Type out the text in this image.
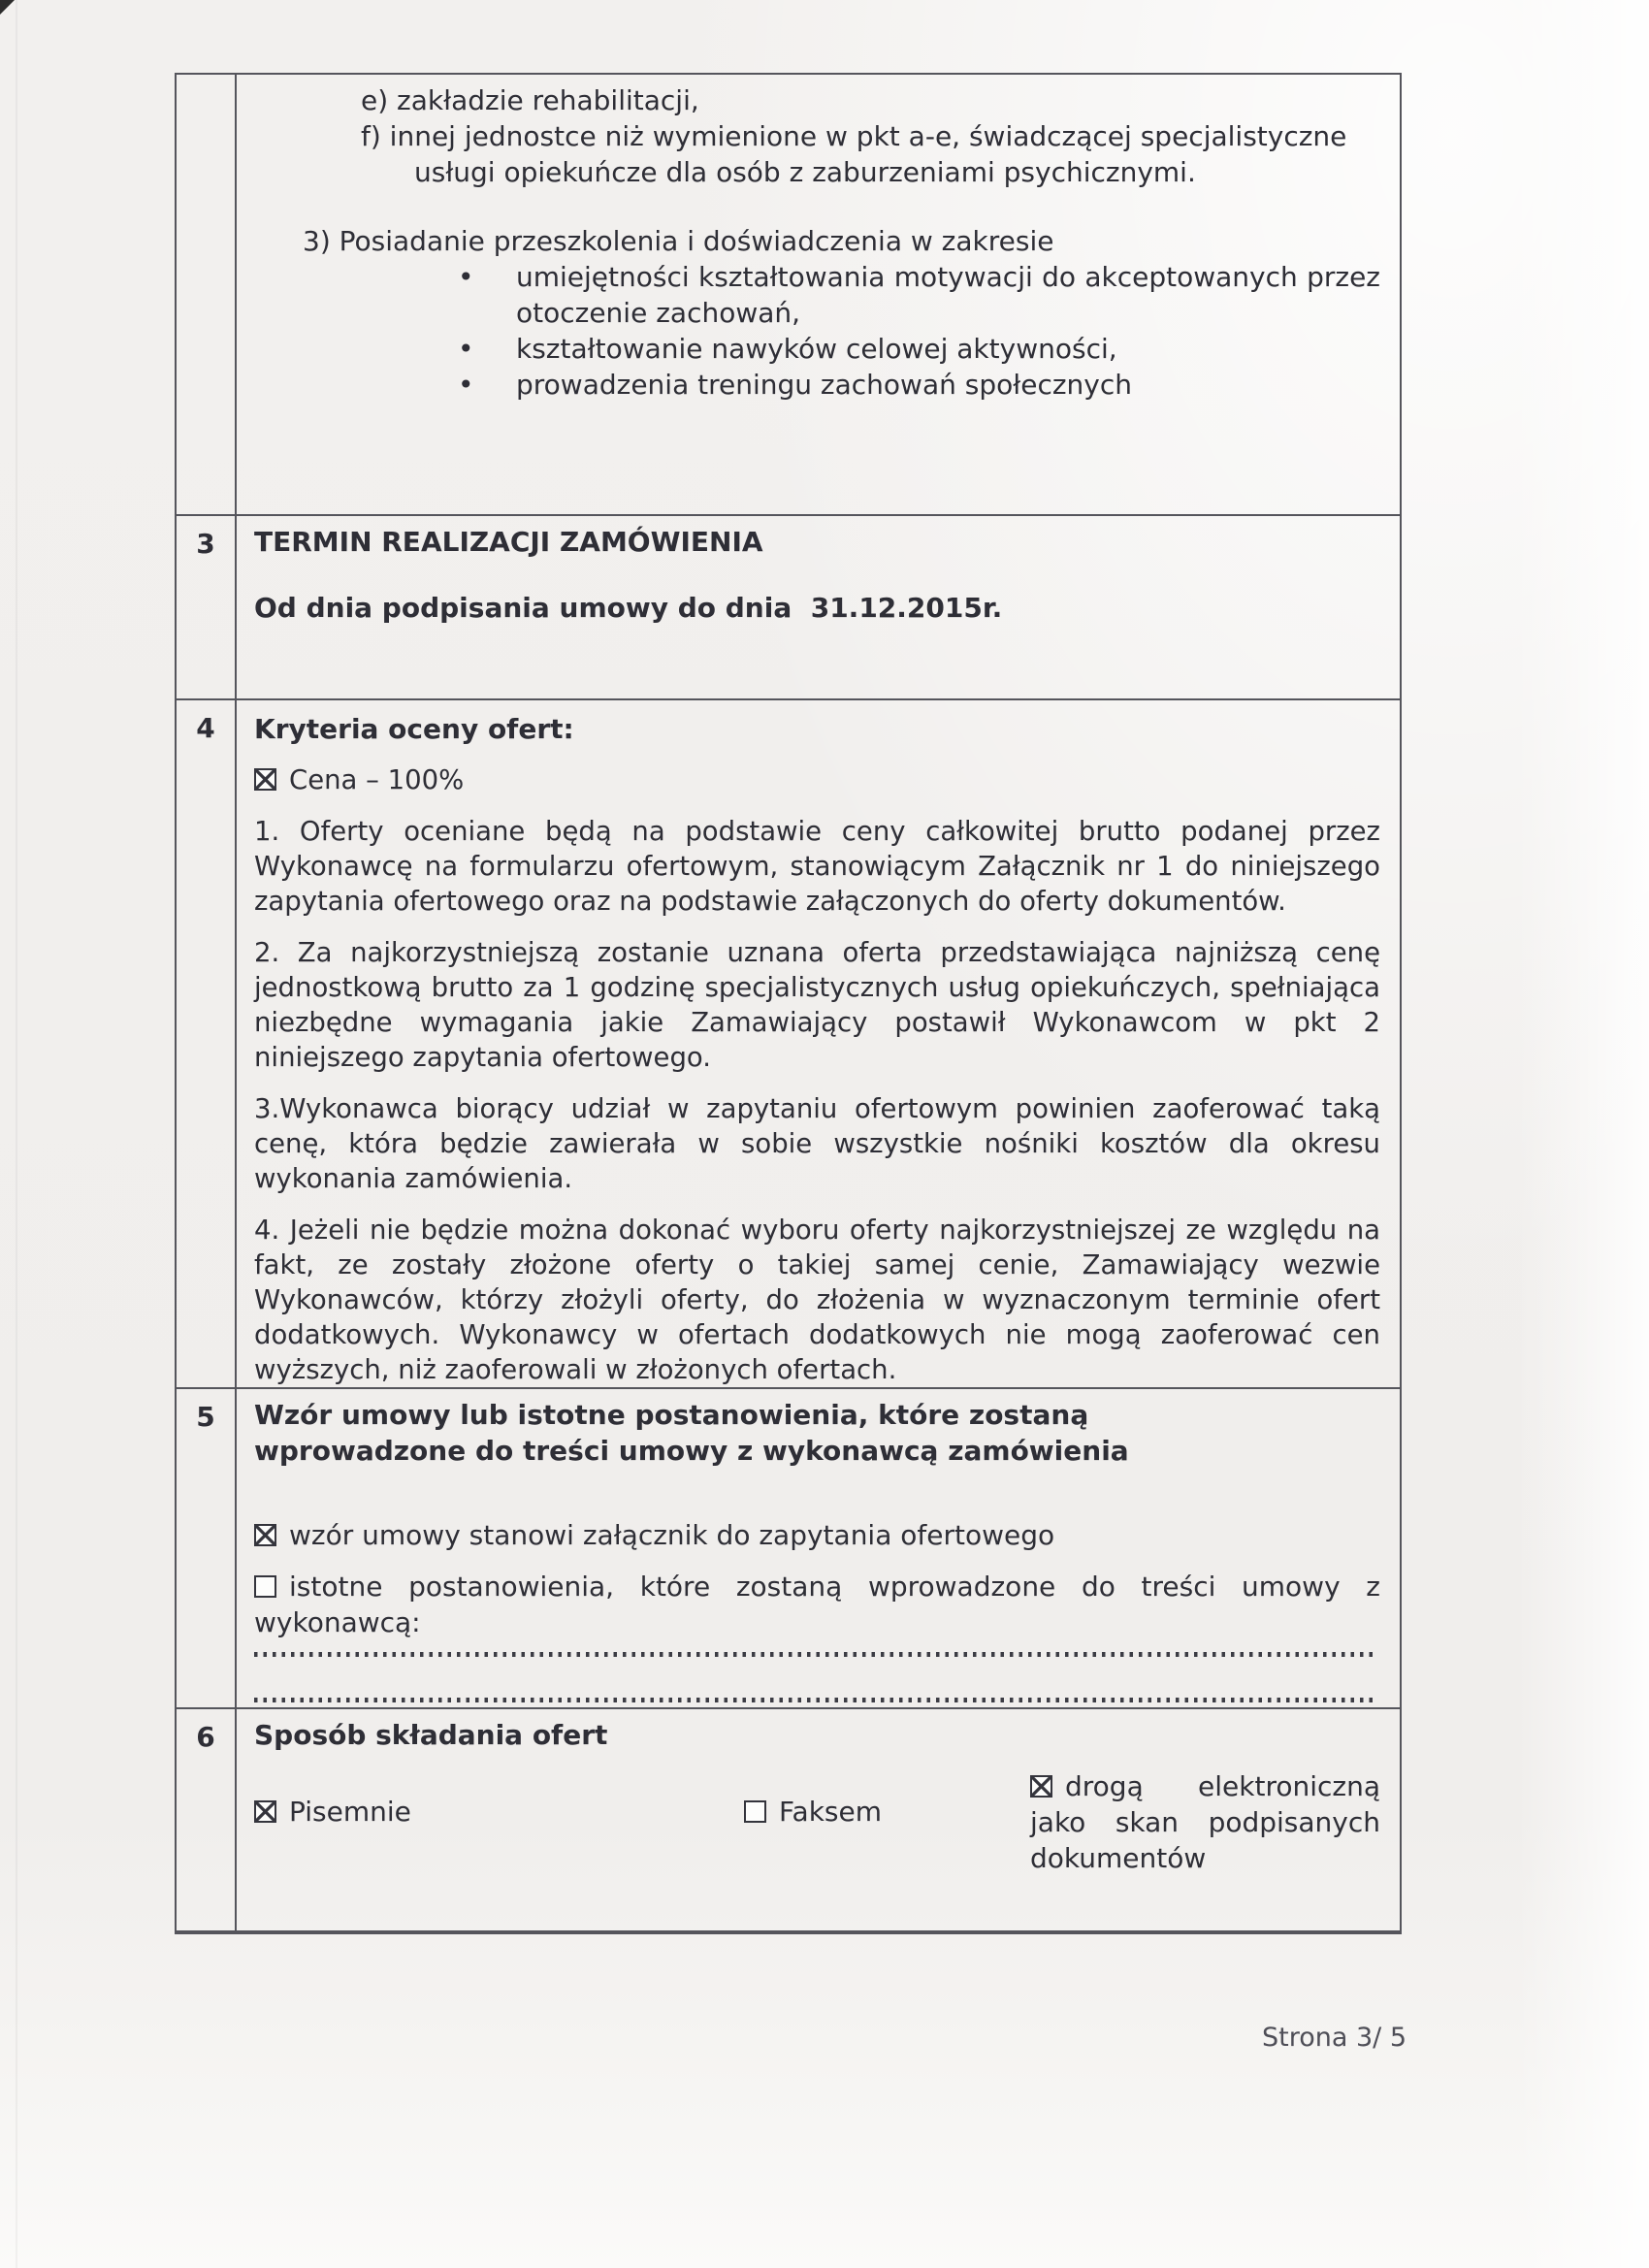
e) zakładzie rehabilitacji,
f) innej jednostce niż wymienione w pkt a-e, świadczącej specjalistyczne
usługi opiekuńcze dla osób z zaburzeniami psychicznymi.
3) Posiadanie przeszkolenia i doświadczenia w zakresie
•
umiejętności kształtowania motywacji do akceptowanych przez otoczenie zachowań,
•
kształtowanie nawyków celowej aktywności,
•
prowadzenia treningu zachowań społecznych
3	TERMIN REALIZACJI ZAMÓWIENIA
Od dnia podpisania umowy do dnia  31.12.2015r.
4	Kryteria oceny ofert:
Cena – 100%
1. Oferty oceniane będą na podstawie ceny całkowitej brutto podanej przez Wykonawcę na formularzu ofertowym, stanowiącym Załącznik nr 1 do niniejszego zapytania ofertowego oraz na podstawie załączonych do oferty dokumentów.
2. Za najkorzystniejszą zostanie uznana oferta przedstawiająca najniższą cenę jednostkową brutto za 1 godzinę specjalistycznych usług opiekuńczych, spełniająca niezbędne wymagania jakie Zamawiający postawił Wykonawcom w pkt 2 niniejszego zapytania ofertowego.
3.Wykonawca biorący udział w zapytaniu ofertowym powinien zaoferować taką cenę, która będzie zawierała w sobie wszystkie nośniki kosztów dla okresu wykonania zamówienia.
4. Jeżeli nie będzie można dokonać wyboru oferty najkorzystniejszej ze względu na fakt, ze zostały złożone oferty o takiej samej cenie, Zamawiający wezwie Wykonawców, którzy złożyli oferty, do złożenia w wyznaczonym terminie ofert dodatkowych. Wykonawcy w ofertach dodatkowych nie mogą zaoferować cen wyższych, niż zaoferowali w złożonych ofertach.
5	Wzór umowy lub istotne postanowienia, które zostaną wprowadzone do treści umowy z wykonawcą zamówienia
wzór umowy stanowi załącznik do zapytania ofertowego
istotne postanowienia, które zostaną wprowadzone do treści umowy z wykonawcą:
6	Sposób składania ofert
Pisemnie	Faksem
drogą elektroniczną jako skan podpisanych dokumentów
Strona 3/ 5
